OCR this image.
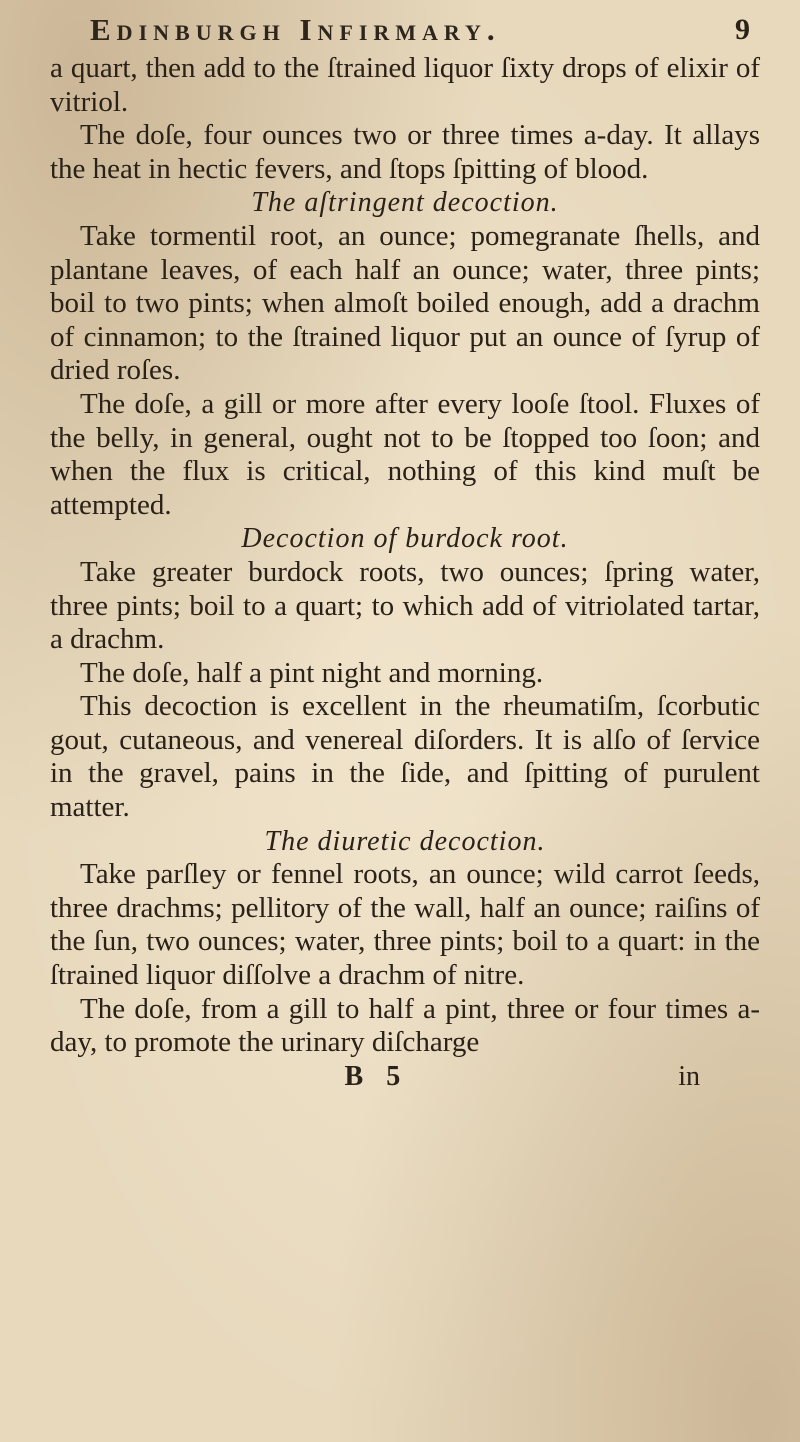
Edinburgh Infirmary.	9

a quart, then add to the ſtrained liquor ſixty drops of elixir of vitriol.

The doſe, four ounces two or three times a-day. It allays the heat in hectic fevers, and ſtops ſpitting of blood.

The aſtringent decoction.

Take tormentil root, an ounce; pomegranate ſhells, and plantane leaves, of each half an ounce; water, three pints; boil to two pints; when almoſt boiled enough, add a drachm of cinnamon; to the ſtrained liquor put an ounce of ſyrup of dried roſes.

The doſe, a gill or more after every looſe ſtool. Fluxes of the belly, in general, ought not to be ſtopped too ſoon; and when the flux is critical, nothing of this kind muſt be attempted.

Decoction of burdock root.

Take greater burdock roots, two ounces; ſpring water, three pints; boil to a quart; to which add of vitriolated tartar, a drachm.

The doſe, half a pint night and morning.

This decoction is excellent in the rheumatiſm, ſcorbutic gout, cutaneous, and venereal diſorders. It is alſo of ſervice in the gravel, pains in the ſide, and ſpitting of purulent matter.

The diuretic decoction.

Take parſley or fennel roots, an ounce; wild carrot ſeeds, three drachms; pellitory of the wall, half an ounce; raiſins of the ſun, two ounces; water, three pints; boil to a quart: in the ſtrained liquor diſſolve a drachm of nitre.

The doſe, from a gill to half a pint, three or four times a-day, to promote the urinary diſcharge

B 5	in
